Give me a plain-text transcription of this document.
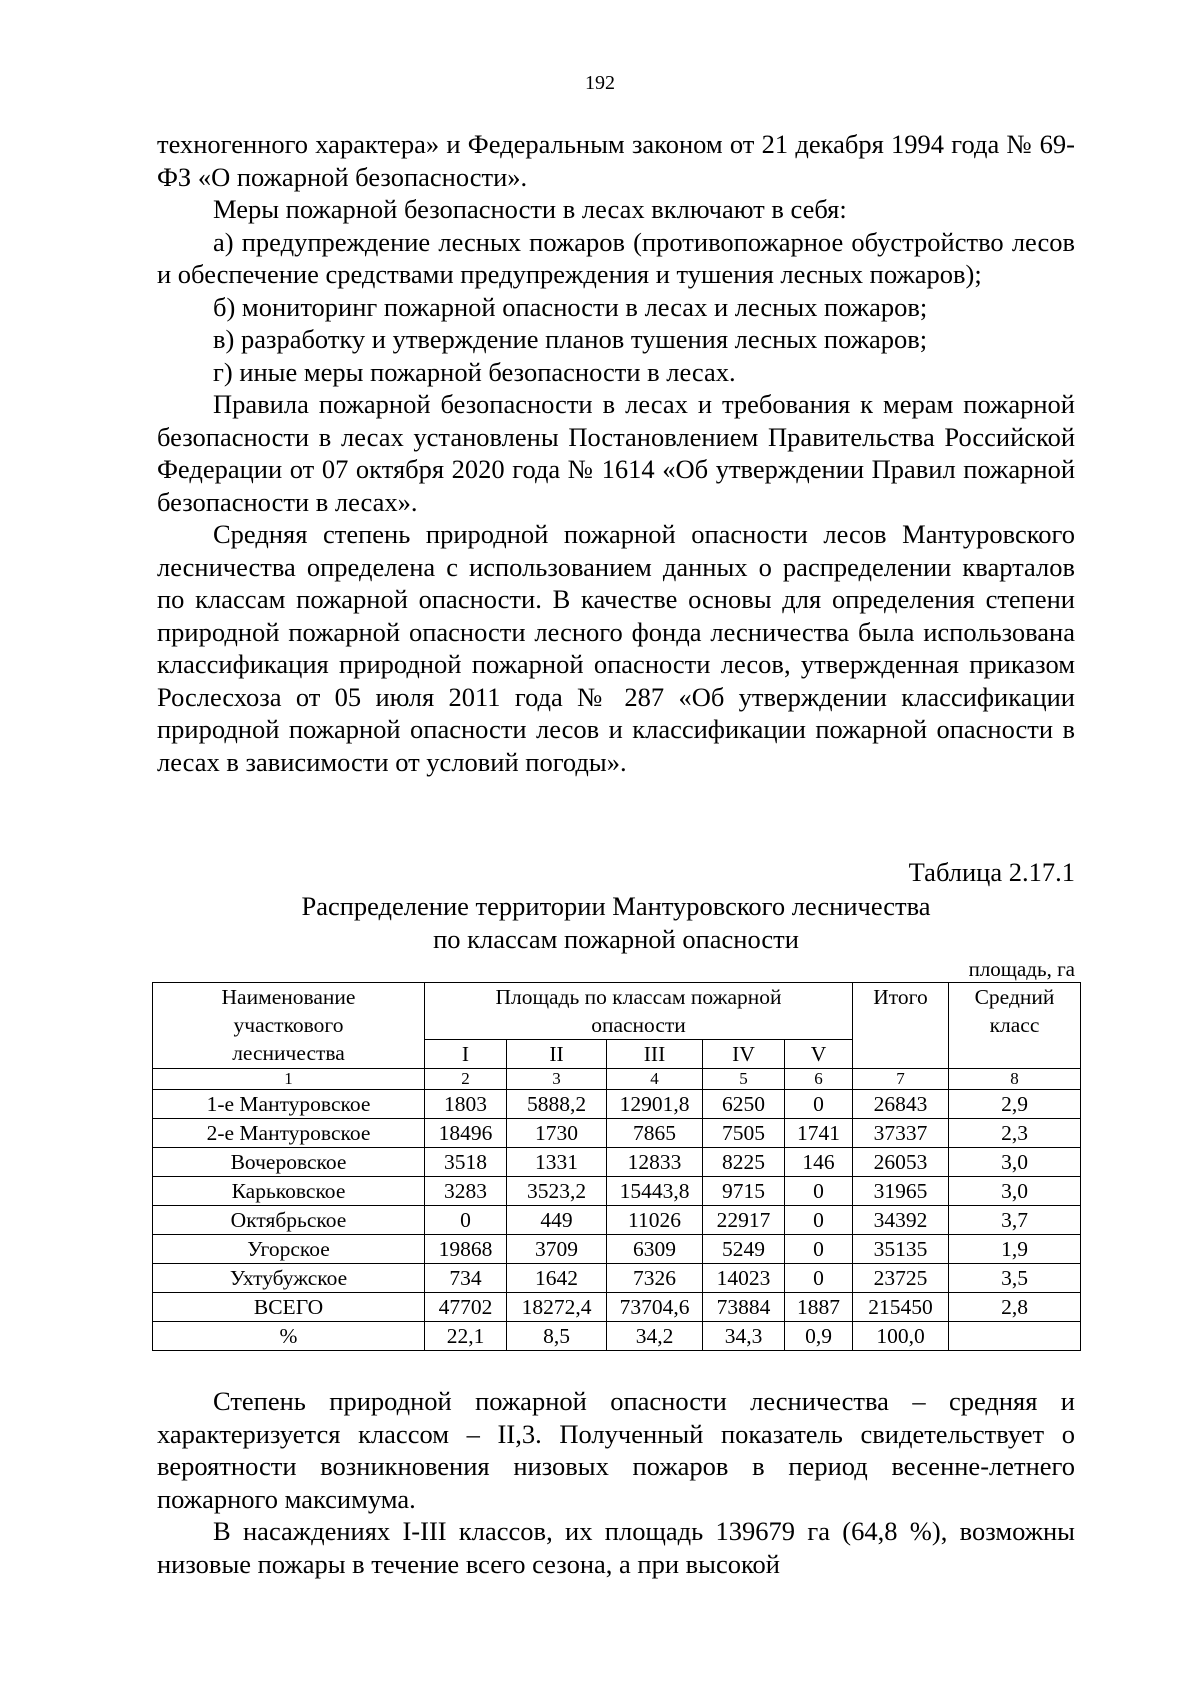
192

техногенного характера» и Федеральным законом от 21 декабря 1994 года № 69-ФЗ «О пожарной безопасности».

Меры пожарной безопасности в лесах включают в себя:

а) предупреждение лесных пожаров (противопожарное обустройство лесов и обеспечение средствами предупреждения и тушения лесных пожаров);

б) мониторинг пожарной опасности в лесах и лесных пожаров;

в) разработку и утверждение планов тушения лесных пожаров;

г) иные меры пожарной безопасности в лесах.

Правила пожарной безопасности в лесах и требования к мерам пожарной безопасности в лесах установлены Постановлением Правительства Российской Федерации от 07 октября 2020 года № 1614 «Об утверждении Правил пожарной безопасности в лесах».

Средняя степень природной пожарной опасности лесов Мантуровского лесничества определена с использованием данных о распределении кварталов по классам пожарной опасности. В качестве основы для определения степени природной пожарной опасности лесного фонда лесничества была использована классификация природной пожарной опасности лесов, утвержденная приказом Рослесхоза от 05 июля 2011 года № 287 «Об утверждении классификации природной пожарной опасности лесов и классификации пожарной опасности в лесах в зависимости от условий погоды».

Таблица 2.17.1
Распределение территории Мантуровского лесничества
по классам пожарной опасности
площадь, га
Наименование участкового лесничества	Площадь по классам пожарной опасности					Итого	Средний класс
	I	II	III	IV	V		
1	2	3	4	5	6	7	8
1-е Мантуровское	1803	5888,2	12901,8	6250	0	26843	2,9
2-е Мантуровское	18496	1730	7865	7505	1741	37337	2,3
Вочеровское	3518	1331	12833	8225	146	26053	3,0
Карьковское	3283	3523,2	15443,8	9715	0	31965	3,0
Октябрьское	0	449	11026	22917	0	34392	3,7
Угорское	19868	3709	6309	5249	0	35135	1,9
Ухтубужское	734	1642	7326	14023	0	23725	3,5
ВСЕГО	47702	18272,4	73704,6	73884	1887	215450	2,8
%	22,1	8,5	34,2	34,3	0,9	100,0	

Степень природной пожарной опасности лесничества – средняя и характеризуется классом – II,3. Полученный показатель свидетельствует о вероятности возникновения низовых пожаров в период весенне-летнего пожарного максимума.

В насаждениях I-III классов, их площадь 139679 га (64,8 %), возможны низовые пожары в течение всего сезона, а при высокой
